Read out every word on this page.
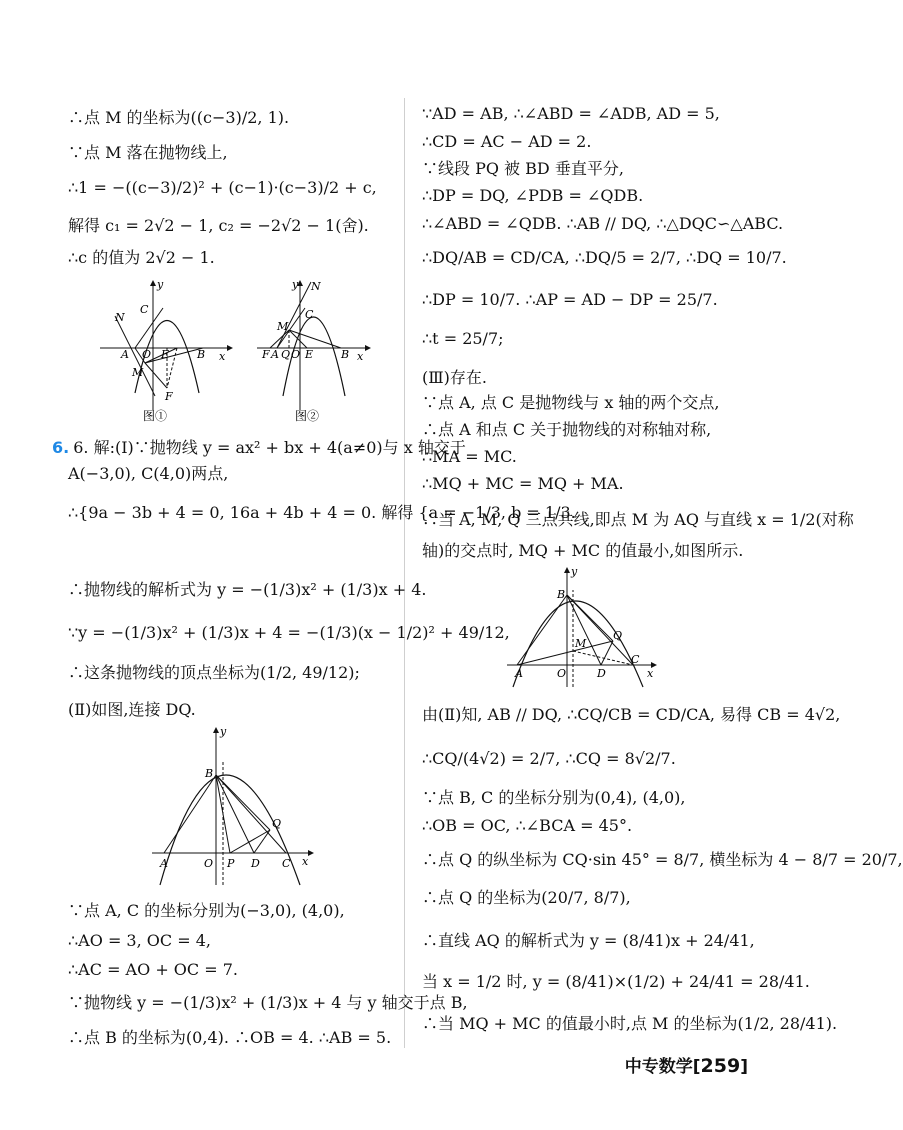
∴点 M 的坐标为((c−3)/2, 1).
∵点 M 落在抛物线上,
∴1 = −((c−3)/2)² + (c−1)·(c−3)/2 + c,
解得 c₁ = 2√2 − 1, c₂ = −2√2 − 1(舍).
∴c 的值为 2√2 − 1.
y
x
C
N
A O E	B
M
F
图①
y
x
N
C
M
F A Q O E	B
图②
6. 6. 解:(Ⅰ)∵抛物线 y = ax² + bx + 4(a≠0)与 x 轴交于
A(−3,0), C(4,0)两点,
∴{9a − 3b + 4 = 0, 16a + 4b + 4 = 0. 解得 {a = −1/3, b = 1/3.
∴抛物线的解析式为 y = −(1/3)x² + (1/3)x + 4.
∵y = −(1/3)x² + (1/3)x + 4 = −(1/3)(x − 1/2)² + 49/12,
∴这条抛物线的顶点坐标为(1/2, 49/12);
(Ⅱ)如图,连接 DQ.
y
x
B
Q
A	O P D C
∵点 A, C 的坐标分别为(−3,0), (4,0),
∴AO = 3, OC = 4,
∴AC = AO + OC = 7.
∵抛物线 y = −(1/3)x² + (1/3)x + 4 与 y 轴交于点 B,
∴点 B 的坐标为(0,4). ∴OB = 4. ∴AB = 5.
∵AD = AB, ∴∠ABD = ∠ADB, AD = 5,
∴CD = AC − AD = 2.
∵线段 PQ 被 BD 垂直平分,
∴DP = DQ, ∠PDB = ∠QDB.
∴∠ABD = ∠QDB. ∴AB // DQ, ∴△DQC∽△ABC.
∴DQ/AB = CD/CA, ∴DQ/5 = 2/7, ∴DQ = 10/7.
∴DP = 10/7. ∴AP = AD − DP = 25/7.
∴t = 25/7;
(Ⅲ)存在.
∵点 A, 点 C 是抛物线与 x 轴的两个交点,
∴点 A 和点 C 关于抛物线的对称轴对称,
∴MA = MC.
∴MQ + MC = MQ + MA.
∴当 A, M, Q 三点共线,即点 M 为 AQ 与直线 x = 1/2(对称
轴)的交点时, MQ + MC 的值最小,如图所示.
y
x
B
Q
M
A	O	D
C
由(Ⅱ)知, AB // DQ, ∴CQ/CB = CD/CA, 易得 CB = 4√2,
∴CQ/(4√2) = 2/7, ∴CQ = 8√2/7.
∵点 B, C 的坐标分别为(0,4), (4,0),
∴OB = OC, ∴∠BCA = 45°.
∴点 Q 的纵坐标为 CQ·sin 45° = 8/7, 横坐标为 4 − 8/7 = 20/7,
∴点 Q 的坐标为(20/7, 8/7),
∴直线 AQ 的解析式为 y = (8/41)x + 24/41,
当 x = 1/2 时, y = (8/41)×(1/2) + 24/41 = 28/41.
∴当 MQ + MC 的值最小时,点 M 的坐标为(1/2, 28/41).
中专数学[259]
